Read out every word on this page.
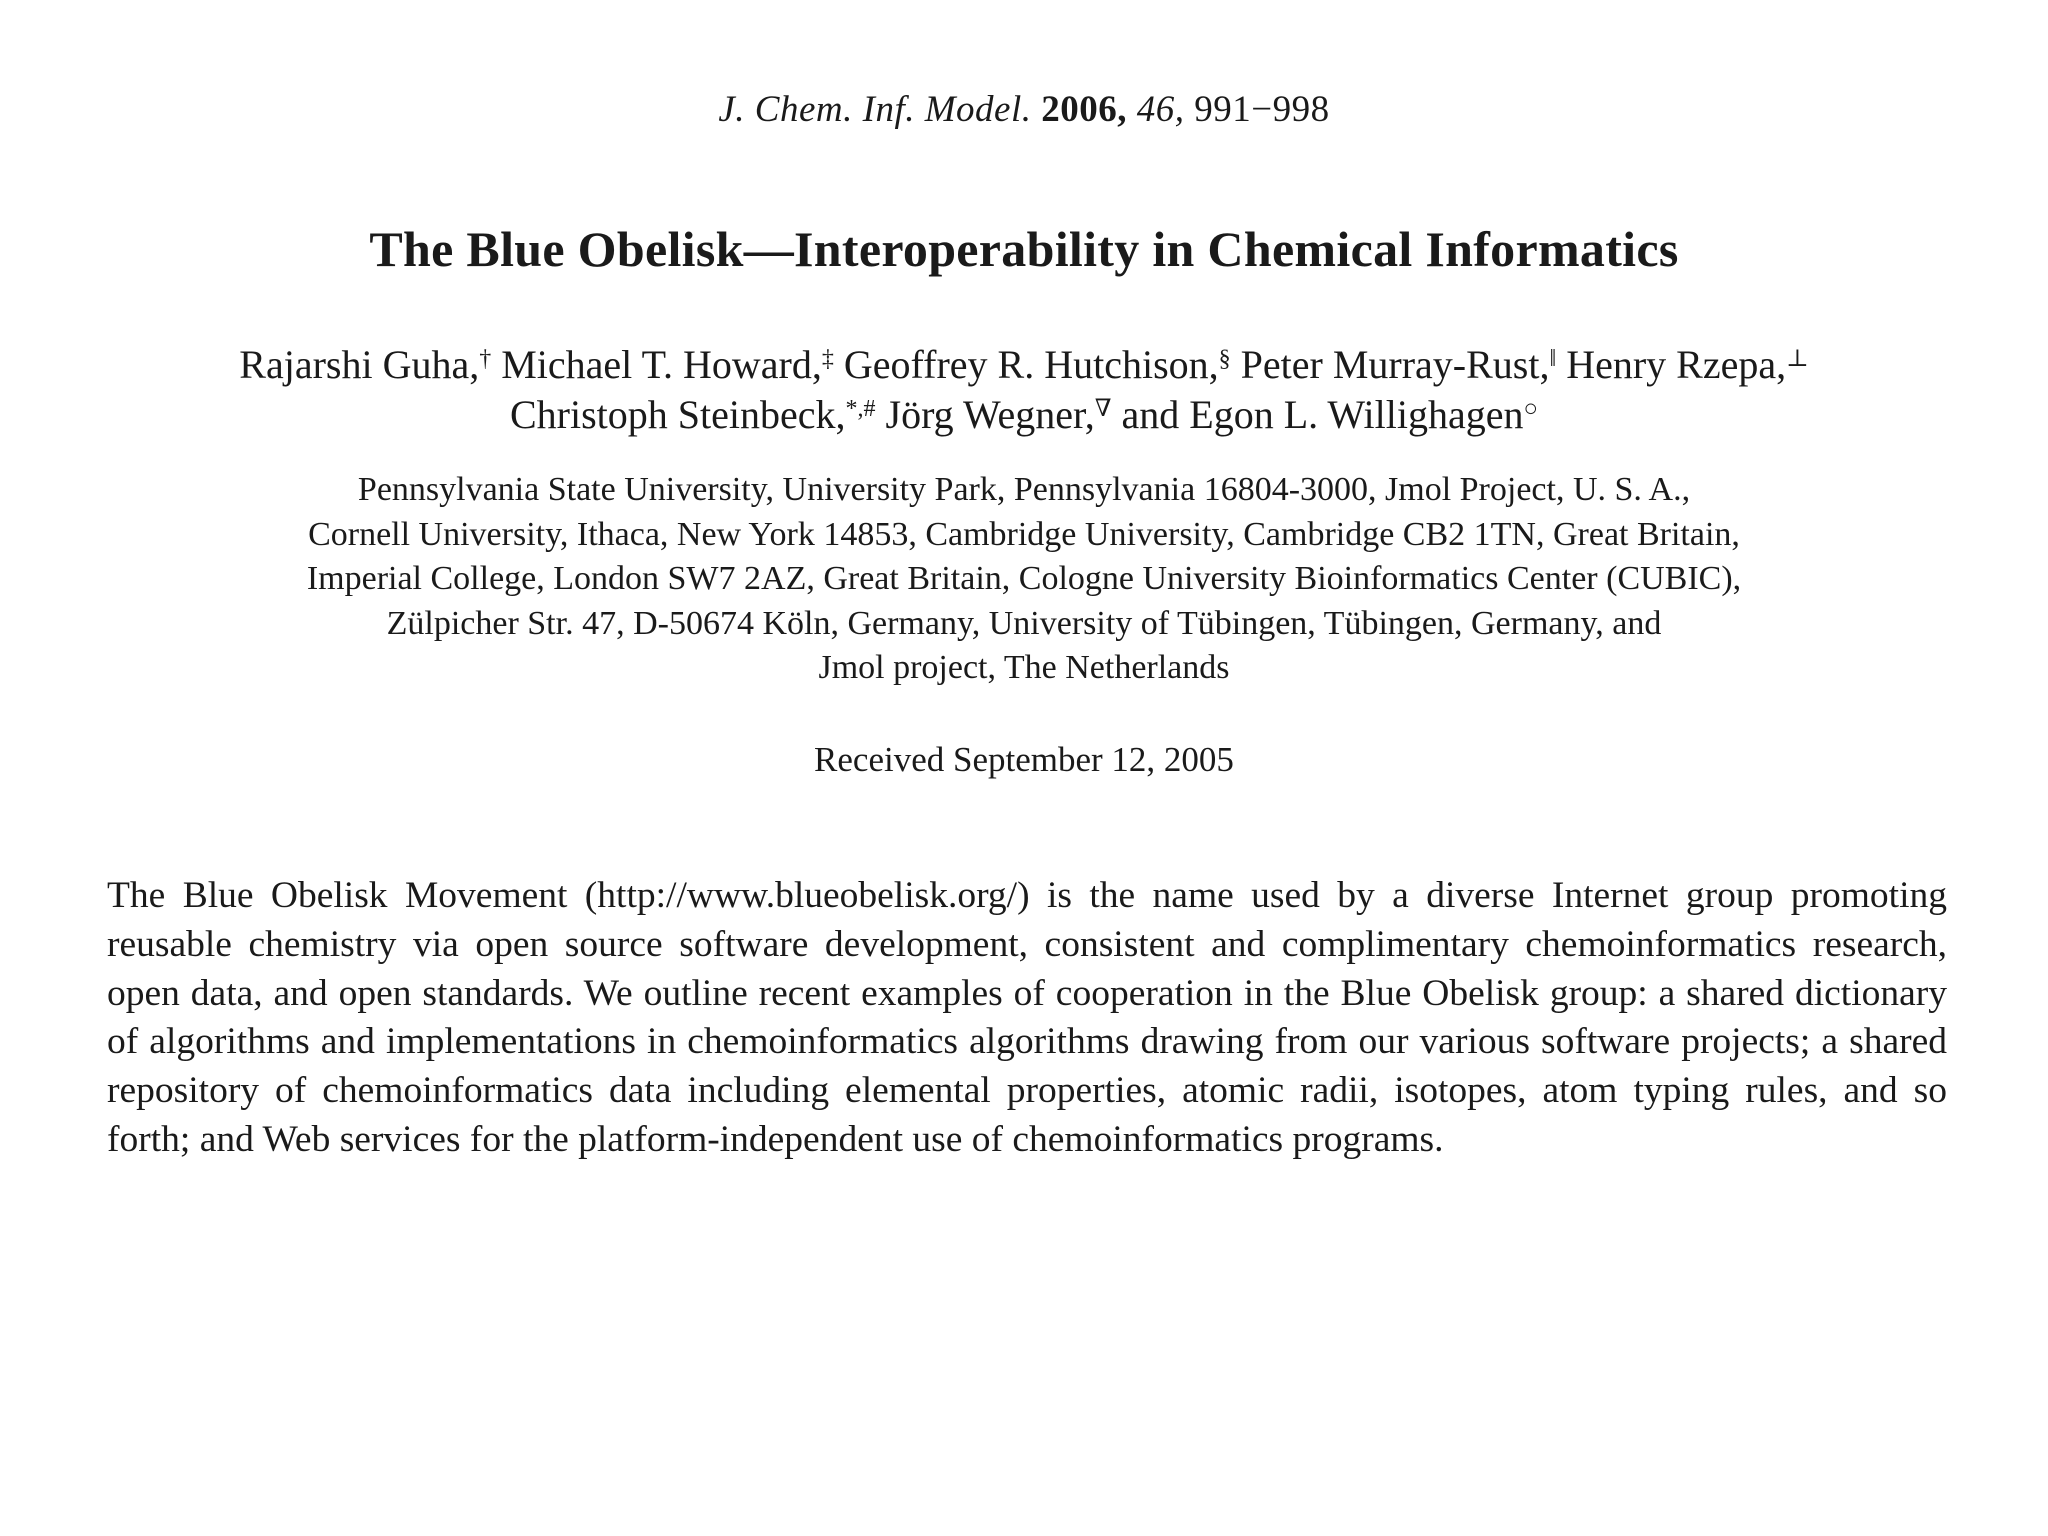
J. Chem. Inf. Model. 2006, 46, 991−998
The Blue Obelisk—Interoperability in Chemical Informatics
Rajarshi Guha,† Michael T. Howard,‡ Geoffrey R. Hutchison,§ Peter Murray-Rust,‖ Henry Rzepa,⊥
Christoph Steinbeck,*,# Jörg Wegner,∇ and Egon L. Willighagen○
Pennsylvania State University, University Park, Pennsylvania 16804-3000, Jmol Project, U. S. A.,
Cornell University, Ithaca, New York 14853, Cambridge University, Cambridge CB2 1TN, Great Britain,
Imperial College, London SW7 2AZ, Great Britain, Cologne University Bioinformatics Center (CUBIC),
Zülpicher Str. 47, D-50674 Köln, Germany, University of Tübingen, Tübingen, Germany, and
Jmol project, The Netherlands
Received September 12, 2005
The Blue Obelisk Movement (http://www.blueobelisk.org/) is the name used by a diverse Internet group promoting reusable chemistry via open source software development, consistent and complimentary chemoinformatics research, open data, and open standards. We outline recent examples of cooperation in the Blue Obelisk group: a shared dictionary of algorithms and implementations in chemoinformatics algorithms drawing from our various software projects; a shared repository of chemoinformatics data including elemental properties, atomic radii, isotopes, atom typing rules, and so forth; and Web services for the platform-independent use of chemoinformatics programs.
